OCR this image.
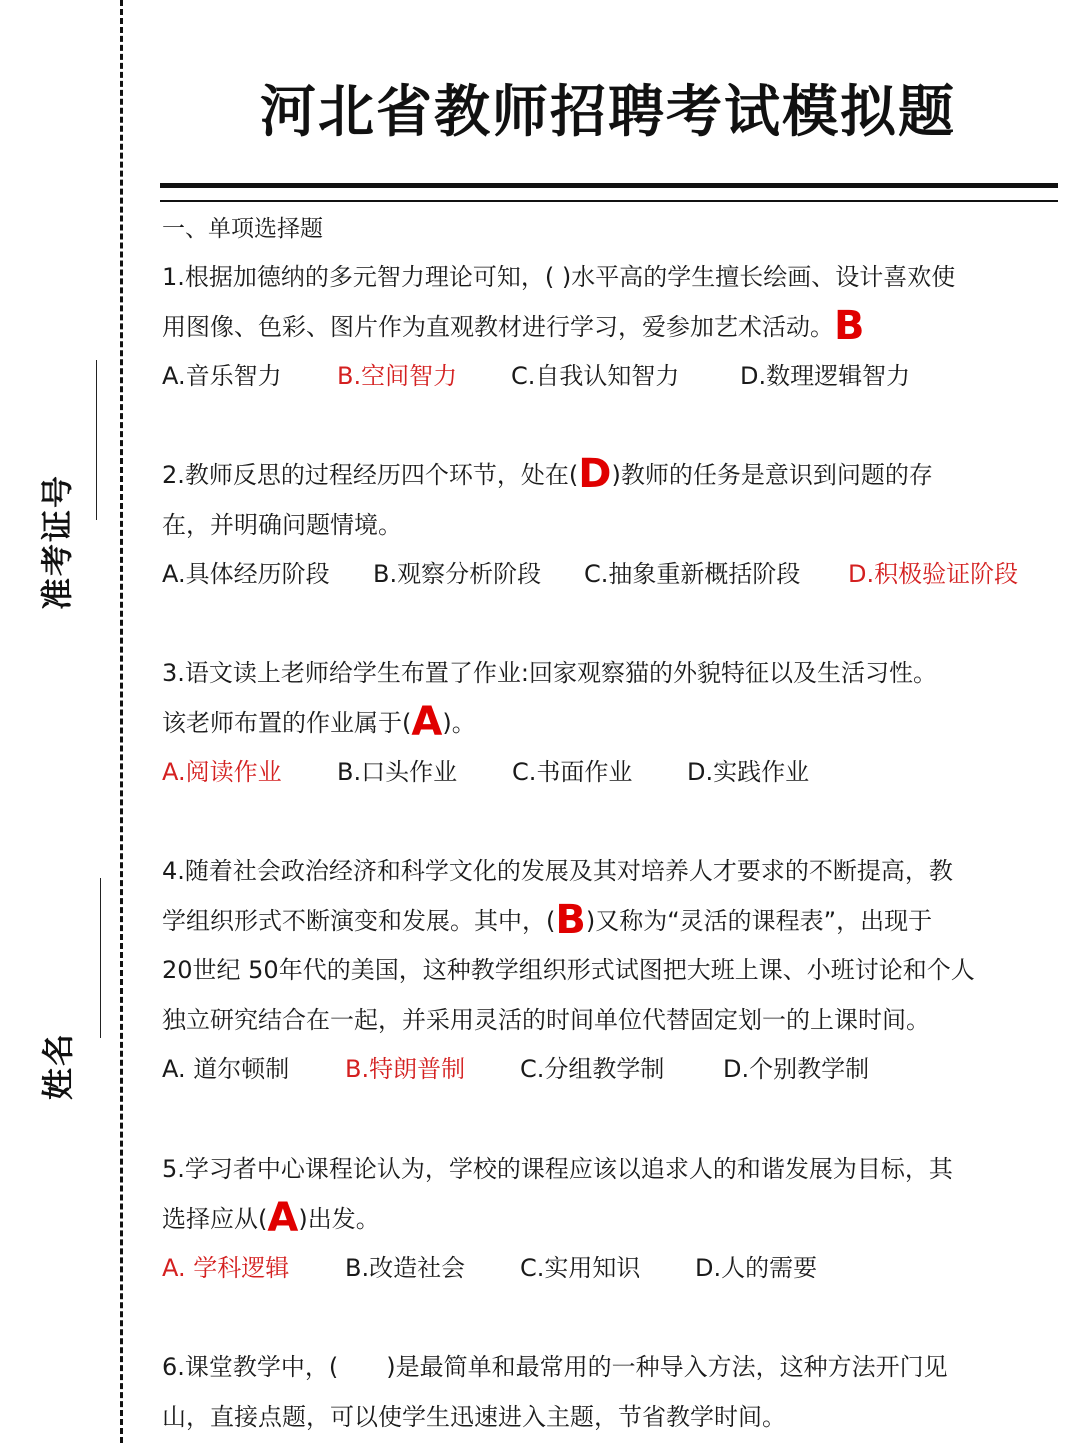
准考证号
姓名
河北省教师招聘考试模拟题
一、单项选择题

1.根据加德纳的多元智力理论可知，( )水平高的学生擅长绘画、设计喜欢使

用图像、色彩、图片作为直观教材进行学习，爱参加艺术活动。B

A.音乐智力 B.空间智力 C.自我认知智力	D.数理逻辑智力

2.教师反思的过程经历四个环节，处在(D)教师的任务是意识到问题的存

在，并明确问题情境。

A.具体经历阶段 B.观察分析阶段 C.抽象重新概括阶段 D.积极验证阶段

3.语文读上老师给学生布置了作业:回家观察猫的外貌特征以及生活习性。

该老师布置的作业属于(A)。

A.阅读作业 B.口头作业 C.书面作业 D.实践作业

4.随着社会政治经济和科学文化的发展及其对培养人才要求的不断提高，教

学组织形式不断演变和发展。其中，(B)又称为“灵活的课程表”，出现于

20世纪 50年代的美国，这种教学组织形式试图把大班上课、小班讨论和个人

独立研究结合在一起，并采用灵活的时间单位代替固定划一的上课时间。

A. 道尔顿制 B.特朗普制 C.分组教学制 D.个别教学制

5.学习者中心课程论认为，学校的课程应该以追求人的和谐发展为目标，其

选择应从(A)出发。

A. 学科逻辑 B.改造社会 C.实用知识 D.人的需要

6.课堂教学中，(　　)是最简单和最常用的一种导入方法，这种方法开门见

山，直接点题，可以使学生迅速进入主题，节省教学时间。
